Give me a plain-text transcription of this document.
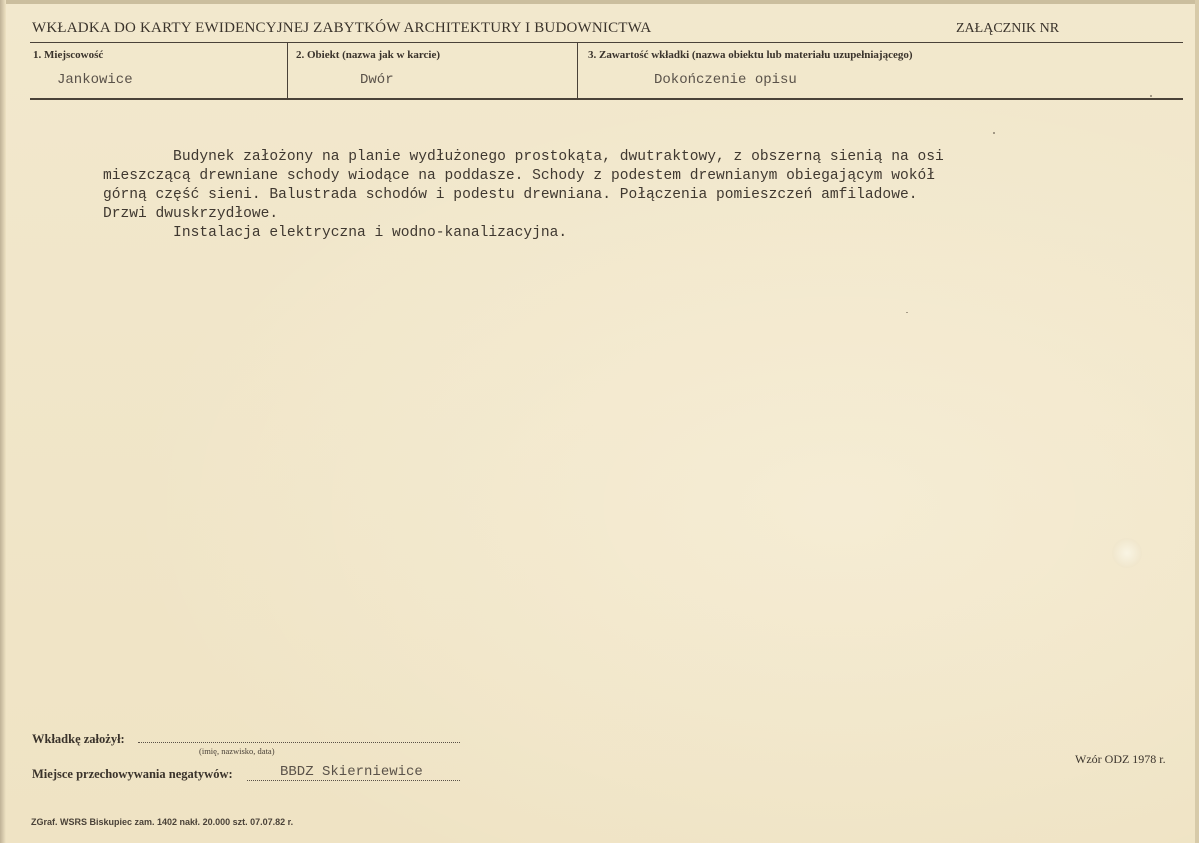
WKŁADKA DO KARTY EWIDENCYJNEJ ZABYTKÓW ARCHITEKTURY I BUDOWNICTWA	ZAŁĄCZNIK NR
1. Miejscowość
Jankowice
2. Obiekt (nazwa jak w karcie)
Dwór
3. Zawartość wkładki (nazwa obiektu lub materiału uzupełniającego)
Dokończenie opisu
Budynek założony na planie wydłużonego prostokąta, dwutraktowy, z obszerną sienią na osi
mieszczącą drewniane schody wiodące na poddasze. Schody z podestem drewnianym obiegającym wokół
górną część sieni. Balustrada schodów i podestu drewniana. Połączenia pomieszczeń amfiladowe.
Drzwi dwuskrzydłowe.
Instalacja elektryczna i wodno-kanalizacyjna.
Wkładkę założył:
(imię, nazwisko, data)
Miejsce przechowywania negatywów:	BBDZ Skierniewice
Wzór ODZ 1978 r.
ZGraf. WSRS Biskupiec zam. 1402 nakł. 20.000 szt. 07.07.82 r.
